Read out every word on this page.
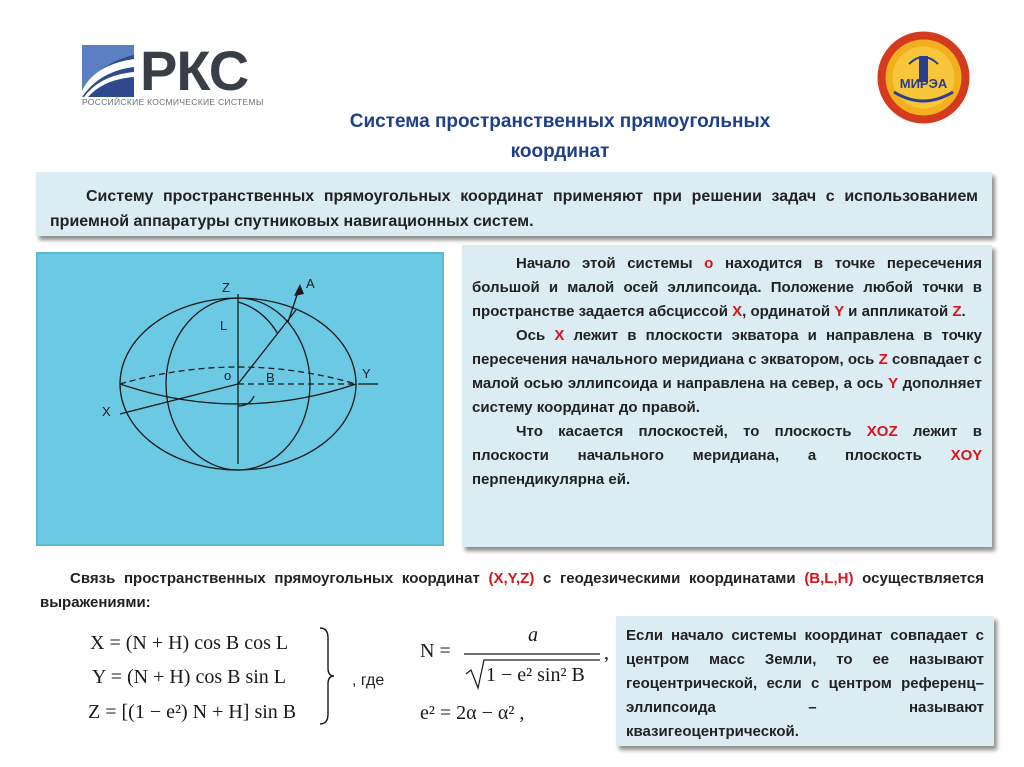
РКС
РОССИЙСКИЕ КОСМИЧЕСКИЕ СИСТЕМЫ
МИРЭА
Система пространственных прямоугольных
координат

Систему пространственных прямоугольных координат применяют при решении задач с использованием приемной аппаратуры спутниковых навигационных систем.

Z	A
L
o	B	Y
X

Начало этой системы o находится в точке пересечения большой и малой осей эллипсоида. Положение любой точки в пространстве задается абсциссой X, ординатой Y и аппликатой Z.

Ось X лежит в плоскости экватора и направлена в точку пересечения начального меридиана с экватором, ось Z совпадает с малой осью эллипсоида и направлена на север, а ось Y дополняет систему координат до правой.

Что касается плоскостей, то плоскость XOZ лежит в плоскости начального меридиана, а плоскость XOY перпендикулярна ей.

Связь пространственных прямоугольных координат (X,Y,Z) с геодезическими координатами (B,L,H) осуществляется выражениями:
X = (N + H) cos B cos L
Y = (N + H) cos B sin L
Z = [(1 − e²) N + H] sin B
, где
N =
a
1 − e² sin² B
,
e² = 2α − α² ,

Если начало системы координат совпадает с центром масс Земли, то ее называют геоцентрической, если с центром референц–эллипсоида – называют квазигеоцентрической.
